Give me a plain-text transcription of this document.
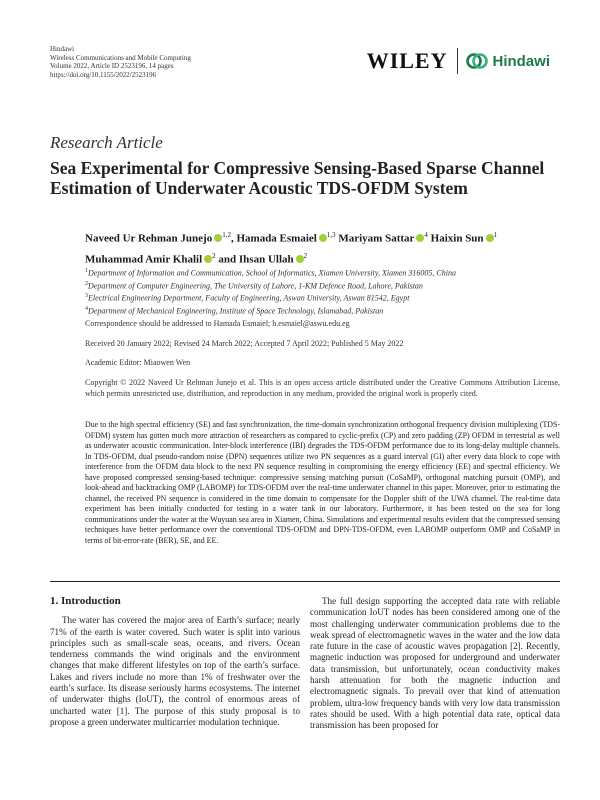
Hindawi
Wireless Communications and Mobile Computing
Volume 2022, Article ID 2523196, 14 pages
https://doi.org/10.1155/2022/2523196
WILEY	Hindawi
Research Article
Sea Experimental for Compressive Sensing-Based Sparse Channel Estimation of Underwater Acoustic TDS-OFDM System
Naveed Ur Rehman Junejo $^{1,2}$, Hamada Esmaiel $^{1,3}$ Mariyam Sattar $^4$ Haixin Sun $^1$
Muhammad Amir Khalil $^2$ and Ihsan Ullah $^2$
$^1$Department of Information and Communication, School of Informatics, Xiamen University, Xiamen 316005, China
$^2$Department of Computer Engineering, The University of Lahore, 1-KM Defence Road, Lahore, Pakistan
$^3$Electrical Engineering Department, Faculty of Engineering, Aswan University, Aswan 81542, Egypt
$^4$Department of Mechanical Engineering, Institute of Space Technology, Islamabad, Pakistan
Correspondence should be addressed to Hamada Esmaiel; h.esmaiel@aswu.edu.eg
Received 20 January 2022; Revised 24 March 2022; Accepted 7 April 2022; Published 5 May 2022
Academic Editor: Miaowen Wen
Copyright © 2022 Naveed Ur Rehman Junejo et al. This is an open access article distributed under the Creative Commons Attribution License, which permits unrestricted use, distribution, and reproduction in any medium, provided the original work is properly cited.
Due to the high spectral efficiency (SE) and fast synchronization, the time-domain synchronization orthogonal frequency division multiplexing (TDS-OFDM) system has gotten much more attraction of researchers as compared to cyclic-prefix (CP) and zero padding (ZP) OFDM in terrestrial as well as underwater acoustic communication. Inter-block interference (IBI) degrades the TDS-OFDM performance due to its long-delay multiple channels. In TDS-OFDM, dual pseudo-random noise (DPN) sequences utilize two PN sequences as a guard interval (GI) after every data block to cope with interference from the OFDM data block to the next PN sequence resulting in compromising the energy efficiency (EE) and spectral efficiency. We have proposed compressed sensing-based technique: compressive sensing matching pursuit (CoSaMP), orthogonal matching pursuit (OMP), and look-ahead and backtracking OMP (LABOMP) for TDS-OFDM over the real-time underwater channel in this paper. Moreover, prior to estimating the channel, the received PN sequence is considered in the time domain to compensate for the Doppler shift of the UWA channel. The real-time data experiment has been initially conducted for testing in a water tank in our laboratory. Furthermore, it has been tested on the sea for long communications under the water at the Wuyuan sea area in Xiamen, China. Simulations and experimental results evident that the compressed sensing techniques have better performance over the conventional TDS-OFDM and DPN-TDS-OFDM, even LABOMP outperform OMP and CoSaMP in terms of bit-error-rate (BER), SE, and EE.
1. Introduction
The water has covered the major area of Earth’s surface; nearly 71% of the earth is water covered. Such water is split into various principles such as small-scale seas, oceans, and rivers. Ocean tenderness commands the wind originals and the environment changes that make different lifestyles on top of the earth’s surface. Lakes and rivers include no more than 1% of freshwater over the earth’s surface. Its disease seriously harms ecosystems. The internet of underwater thighs (IoUT), the control of enormous areas of uncharted water [1]. The purpose of this study proposal is to propose a green underwater multicarrier modulation technique.
The full design supporting the accepted data rate with reliable communication IoUT nodes has been considered among one of the most challenging underwater communication problems due to the weak spread of electromagnetic waves in the water and the low data rate future in the case of acoustic waves propagation [2]. Recently, magnetic induction was proposed for underground and underwater data transmission, but unfortunately, ocean conductivity makes harsh attenuation for both the magnetic induction and electromagnetic signals. To prevail over that kind of attenuation problem, ultra-low frequency bands with very low data transmission rates should be used. With a high potential data rate, optical data transmission has been proposed for
